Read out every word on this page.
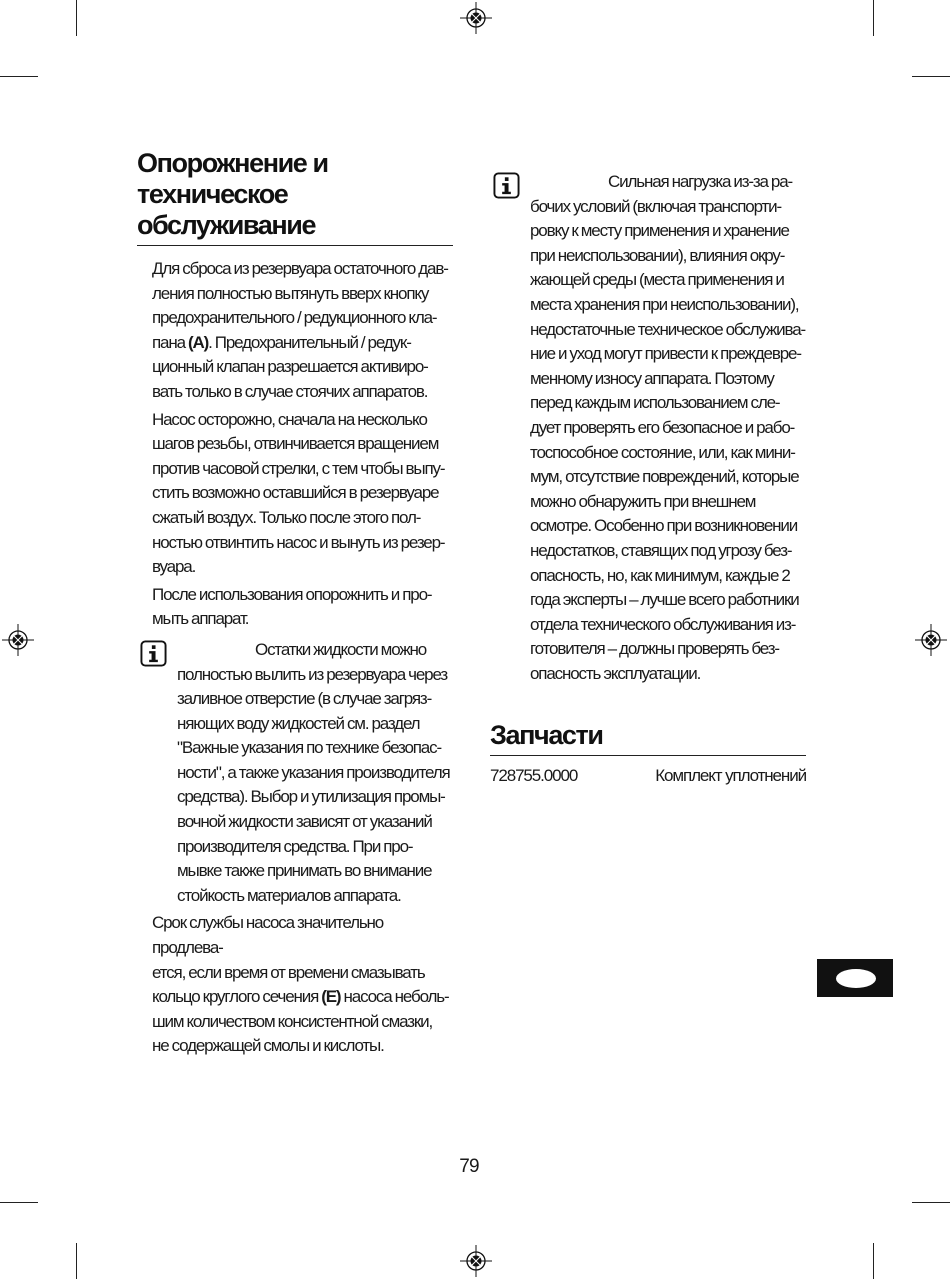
Опорожнение и техническое
обслуживание
Для сброса из резервуара остаточного дав-
ления полностью вытянуть вверх кнопку
предохранительного / редукционного кла-
пана (A). Предохранительный / редук-
ционный клапан разрешается активиро-
вать только в случае стоячих аппаратов.
Насос осторожно, сначала на несколько
шагов резьбы, отвинчивается вращением
против часовой стрелки, с тем чтобы выпу-
стить возможно оставшийся в резервуаре
сжатый воздух. Только после этого пол-
ностью отвинтить насос и вынуть из резер-
вуара.
После использования опорожнить и про-
мыть аппарат.
Остатки жидкости можно
полностью вылить из резервуара через
заливное отверстие (в случае загряз-
няющих воду жидкостей см. раздел
"Важные указания по технике безопас-
ности", а также указания производителя
средства). Выбор и утилизация промы-
вочной жидкости зависят от указаний
производителя средства. При про-
мывке также принимать во внимание
стойкость материалов аппарата.
Срок службы насоса значительно продлева-
ется, если время от времени смазывать
кольцо круглого сечения (E) насоса неболь-
шим количеством консистентной смазки,
не содержащей смолы и кислоты.
Сильная нагрузка из-за ра-
бочих условий (включая транспорти-
ровку к месту применения и хранение
при неиспользовании), влияния окру-
жающей среды (места применения и
места хранения при неиспользовании),
недостаточные техническое обслужива-
ние и уход могут привести к преждевре-
менному износу аппарата. Поэтому
перед каждым использованием сле-
дует проверять его безопасное и рабо-
тоспособное состояние, или, как мини-
мум, отсутствие повреждений, которые
можно обнаружить при внешнем
осмотре. Особенно при возникновении
недостатков, ставящих под угрозу без-
опасность, но, как минимум, каждые 2
года эксперты – лучше всего работники
отдела технического обслуживания из-
готовителя – должны проверять без-
опасность эксплуатации.
Запчасти
728755.0000	Комплект уплотнений
79
